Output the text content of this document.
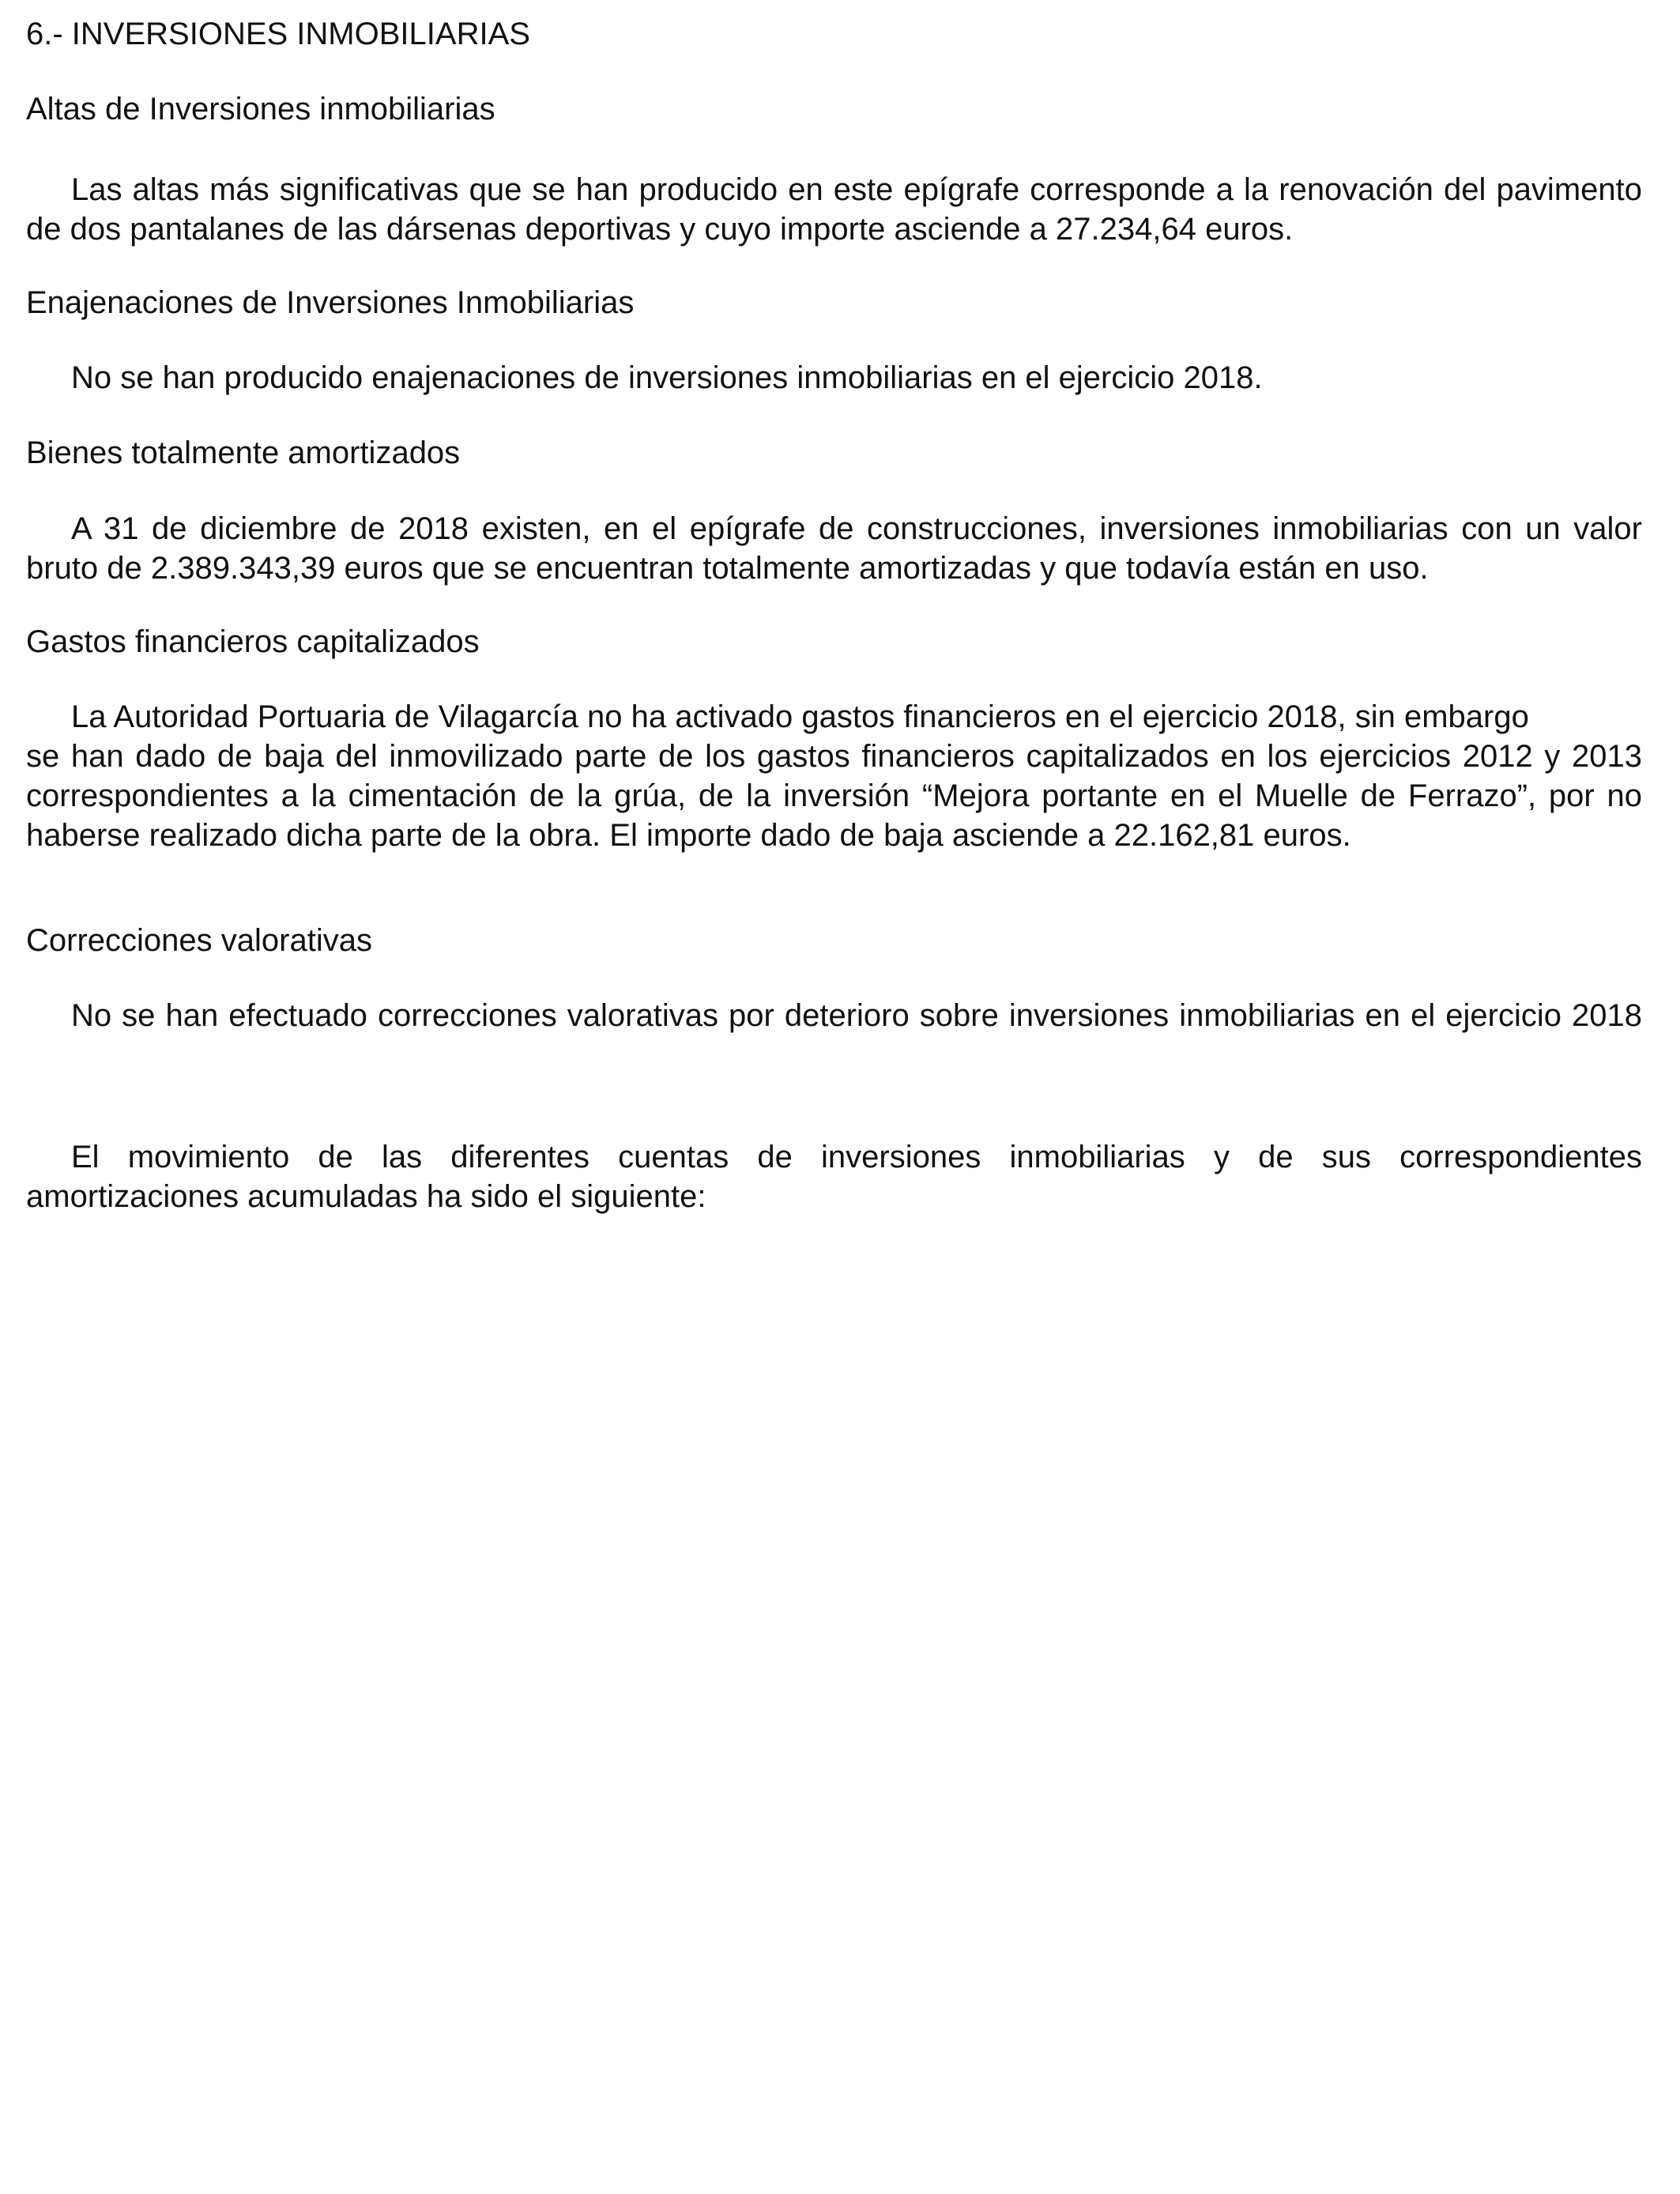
6.- INVERSIONES INMOBILIARIAS
Altas de Inversiones inmobiliarias
Las altas más significativas que se han producido en este epígrafe corresponde a la renovación del pavimento
de dos pantalanes de las dársenas deportivas y cuyo importe asciende a 27.234,64 euros.
Enajenaciones de Inversiones Inmobiliarias
No se han producido enajenaciones de inversiones inmobiliarias en el ejercicio 2018.
Bienes totalmente amortizados
A 31 de diciembre de 2018 existen, en el epígrafe de construcciones, inversiones inmobiliarias con un valor
bruto de 2.389.343,39 euros que se encuentran totalmente amortizadas y que todavía están en uso.
Gastos financieros capitalizados
La Autoridad Portuaria de Vilagarcía no ha activado gastos financieros en el ejercicio 2018, sin embargo
se han dado de baja del inmovilizado parte de los gastos financieros capitalizados en los ejercicios 2012 y 2013
correspondientes a la cimentación de la grúa, de la inversión “Mejora portante en el Muelle de Ferrazo”, por no
haberse realizado dicha parte de la obra. El importe dado de baja asciende a 22.162,81 euros.
Correcciones valorativas
No se han efectuado correcciones valorativas por deterioro sobre inversiones inmobiliarias en el ejercicio 2018
El movimiento de las diferentes cuentas de inversiones inmobiliarias y de sus correspondientes
amortizaciones acumuladas ha sido el siguiente:
